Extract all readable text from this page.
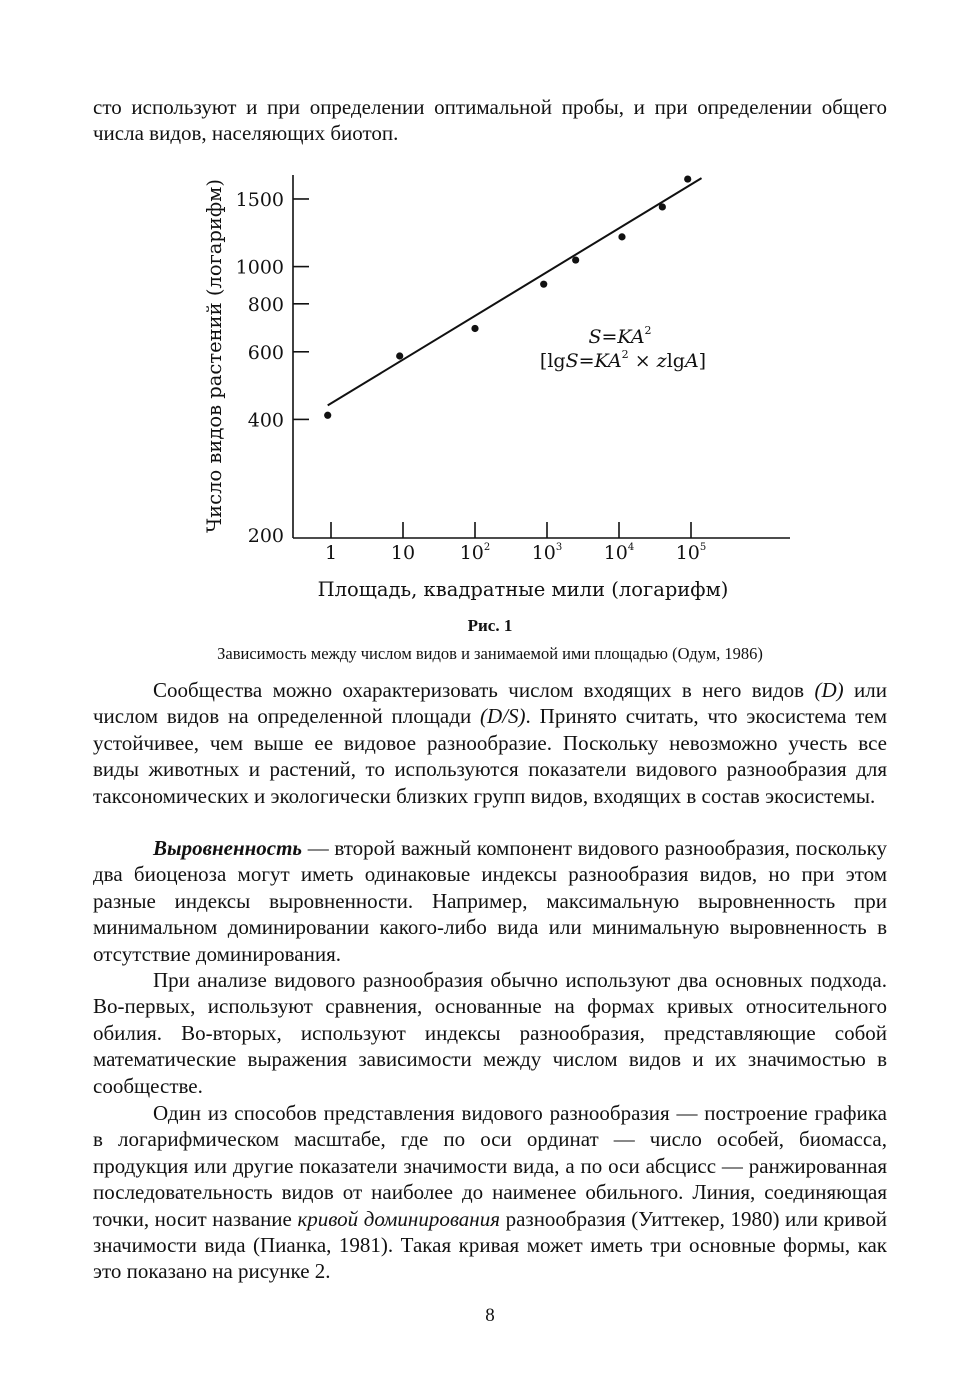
сто используют и при определении оптимальной пробы, и при определении общего числа видов, населяющих биотоп.

200
400
600
800
1000
1500
1	10 $10^2$ $10^3$ $10^4$ $10^5$
$S=KA^2$
$[\lg S=KA^2 \times zlgA]$
Число видов растений (логарифм)
Площадь, квадратные мили (логарифм)
Рис. 1
Зависимость между числом видов и занимаемой ими площадью (Одум, 1986)

Сообщества можно охарактеризовать числом входящих в него видов (D) или числом видов на определенной площади (D/S). Принято считать, что экосистема тем устойчивее, чем выше ее видовое разнообразие. Поскольку невозможно учесть все виды животных и растений, то используются показатели видового разнообразия для таксономических и экологически близких групп видов, входящих в состав экосистемы.

Выровненность — второй важный компонент видового разнообразия, поскольку два биоценоза могут иметь одинаковые индексы разнообразия видов, но при этом разные индексы выровненности. Например, максимальную выровненность при минимальном доминировании какого-либо вида или минимальную выровненность в отсутствие доминирования.

При анализе видового разнообразия обычно используют два основных подхода. Во-первых, используют сравнения, основанные на формах кривых относительного обилия. Во-вторых, используют индексы разнообразия, представляющие собой математические выражения зависимости между числом видов и их значимостью в сообществе.

Один из способов представления видового разнообразия — построение графика в логарифмическом масштабе, где по оси ординат — число особей, биомасса, продукция или другие показатели значимости вида, а по оси абсцисс — ранжированная последовательность видов от наиболее до наименее обильного. Линия, соединяющая точки, носит название кривой доминирования разнообразия (Уиттекер, 1980) или кривой значимости вида (Пианка, 1981). Такая кривая может иметь три основные формы, как это показано на рисунке 2.

8
